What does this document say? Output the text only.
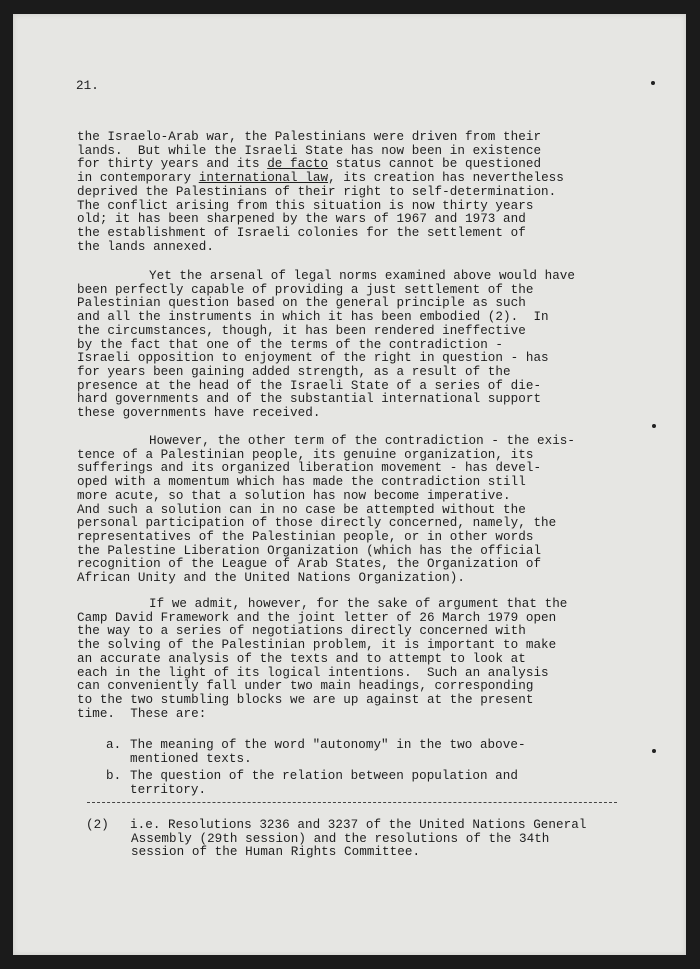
21.
the Israelo-Arab war, the Palestinians were driven from their
lands.  But while the Israeli State has now been in existence
for thirty years and its de facto status cannot be questioned
in contemporary international law, its creation has nevertheless
deprived the Palestinians of their right to self-determination.
The conflict arising from this situation is now thirty years
old; it has been sharpened by the wars of 1967 and 1973 and
the establishment of Israeli colonies for the settlement of
the lands annexed.
Yet the arsenal of legal norms examined above would have
been perfectly capable of providing a just settlement of the
Palestinian question based on the general principle as such
and all the instruments in which it has been embodied (2).  In
the circumstances, though, it has been rendered ineffective
by the fact that one of the terms of the contradiction -
Israeli opposition to enjoyment of the right in question - has
for years been gaining added strength, as a result of the
presence at the head of the Israeli State of a series of die-
hard governments and of the substantial international support
these governments have received.
However, the other term of the contradiction - the exis-
tence of a Palestinian people, its genuine organization, its
sufferings and its organized liberation movement - has devel-
oped with a momentum which has made the contradiction still
more acute, so that a solution has now become imperative.
And such a solution can in no case be attempted without the
personal participation of those directly concerned, namely, the
representatives of the Palestinian people, or in other words
the Palestine Liberation Organization (which has the official
recognition of the League of Arab States, the Organization of
African Unity and the United Nations Organization).
If we admit, however, for the sake of argument that the
Camp David Framework and the joint letter of 26 March 1979 open
the way to a series of negotiations directly concerned with
the solving of the Palestinian problem, it is important to make
an accurate analysis of the texts and to attempt to look at
each in the light of its logical intentions.  Such an analysis
can conveniently fall under two main headings, corresponding
to the two stumbling blocks we are up against at the present
time.  These are:
a. The meaning of the word "autonomy" in the two above-
mentioned texts.
b. The question of the relation between population and
territory.
(2) i.e. Resolutions 3236 and 3237 of the United Nations General
Assembly (29th session) and the resolutions of the 34th
session of the Human Rights Committee.
